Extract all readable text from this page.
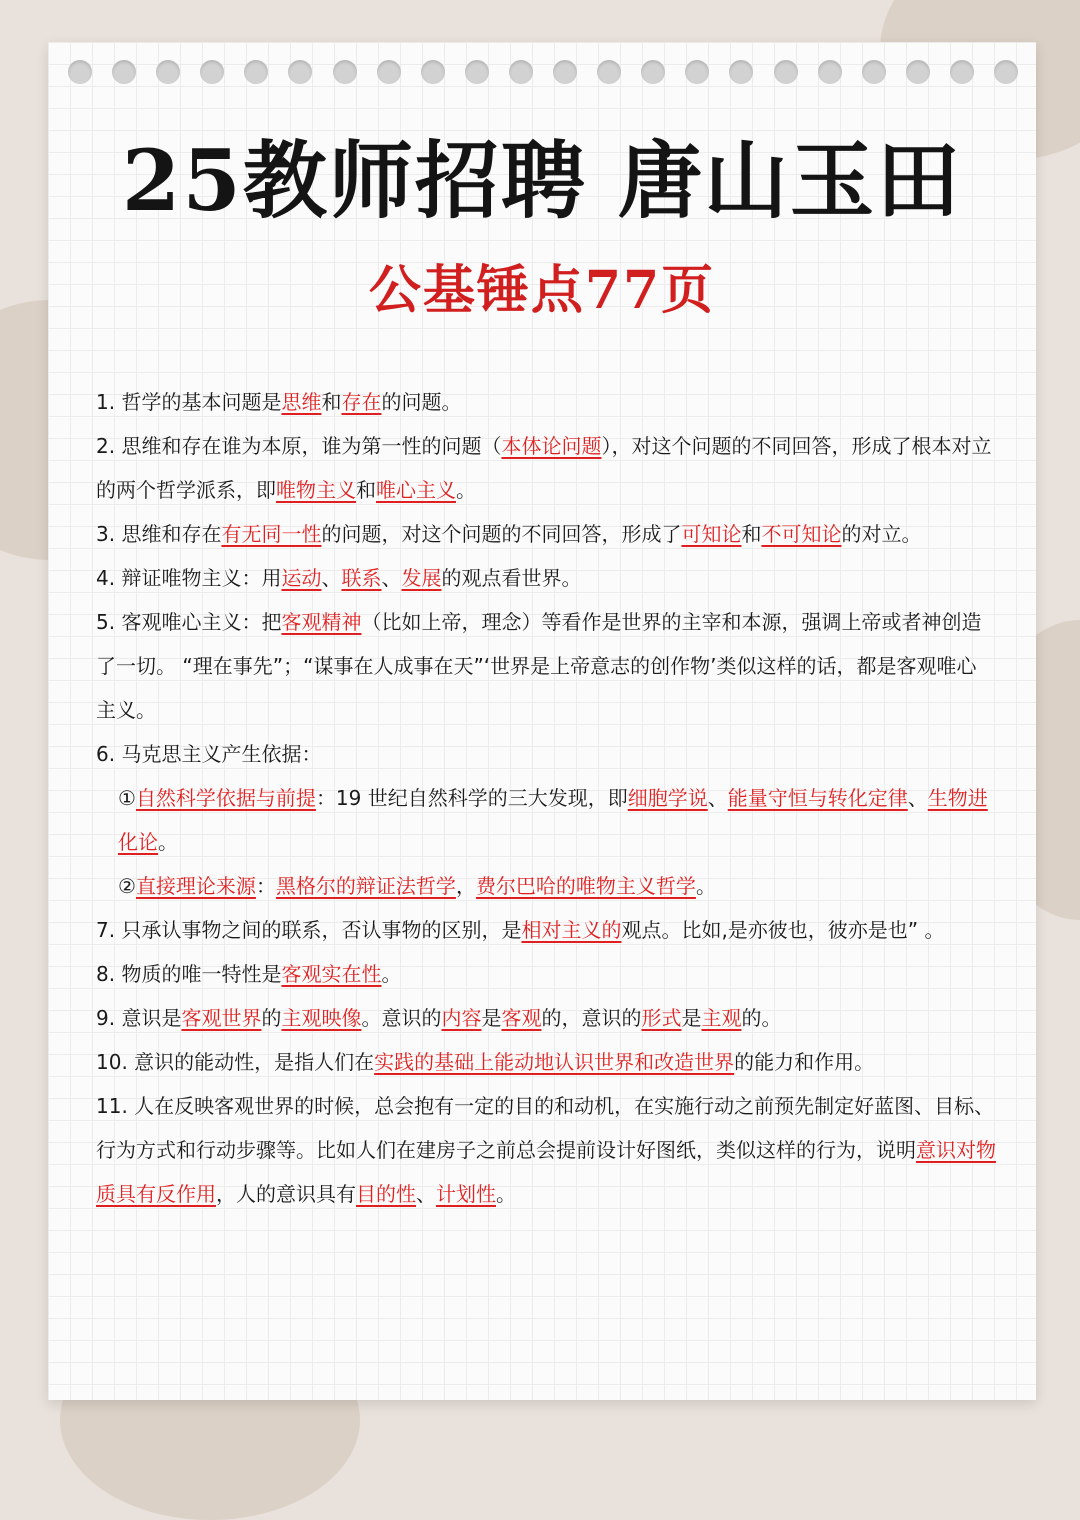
25教师招聘 唐山玉田
公基锤点77页

1. 哲学的基本问题是思维和存在的问题。

2. 思维和存在谁为本原，谁为第一性的问题（本体论问题），对这个问题的不同回答，形成了根本对立的两个哲学派系，即唯物主义和唯心主义。

3. 思维和存在有无同一性的问题，对这个问题的不同回答，形成了可知论和不可知论的对立。

4. 辩证唯物主义：用运动、联系、发展的观点看世界。

5. 客观唯心主义：把客观精神（比如上帝，理念）等看作是世界的主宰和本源，强调上帝或者神创造了一切。 “理在事先”；“谋事在人成事在天”‘世界是上帝意志的创作物’类似这样的话，都是客观唯心主义。

6. 马克思主义产生依据：

①自然科学依据与前提：19 世纪自然科学的三大发现，即细胞学说、能量守恒与转化定律、生物进化论。

②直接理论来源：黑格尔的辩证法哲学，费尔巴哈的唯物主义哲学。

7. 只承认事物之间的联系，否认事物的区别，是相对主义的观点。比如,是亦彼也，彼亦是也” 。

8. 物质的唯一特性是客观实在性。

9. 意识是客观世界的主观映像。意识的内容是客观的，意识的形式是主观的。

10. 意识的能动性，是指人们在实践的基础上能动地认识世界和改造世界的能力和作用。

11. 人在反映客观世界的时候，总会抱有一定的目的和动机，在实施行动之前预先制定好蓝图、目标、行为方式和行动步骤等。比如人们在建房子之前总会提前设计好图纸，类似这样的行为，说明意识对物质具有反作用，人的意识具有目的性、计划性。
